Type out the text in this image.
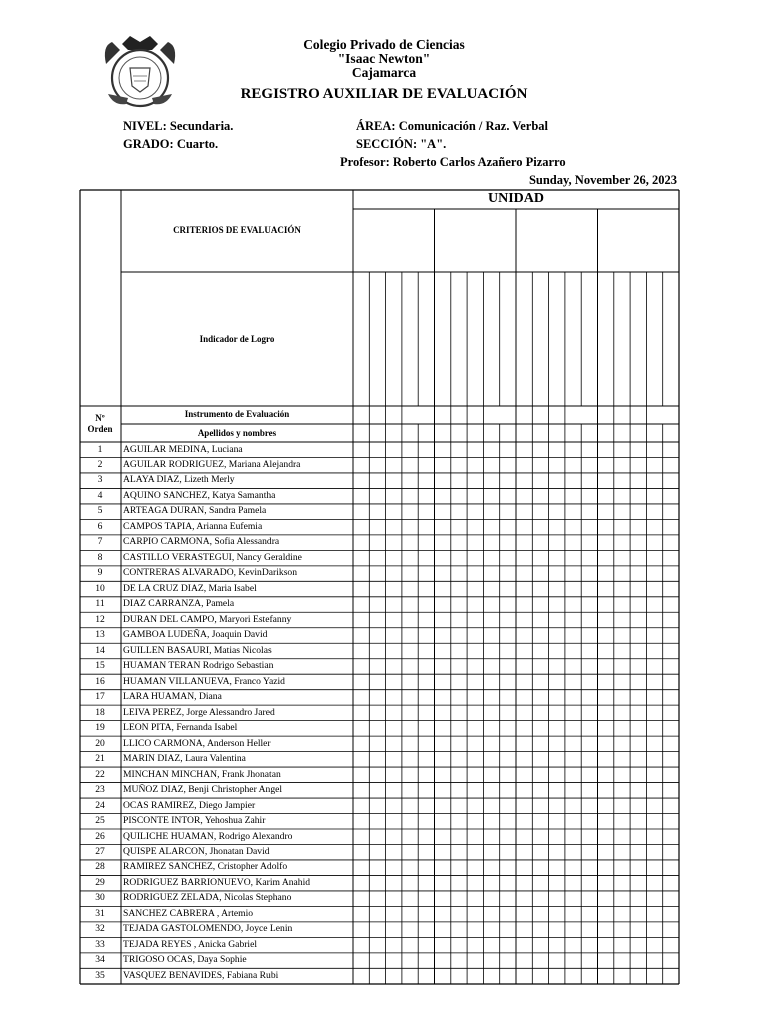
Colegio Privado de Ciencias
"Isaac Newton"
Cajamarca
REGISTRO AUXILIAR DE EVALUACIÓN
NIVEL: Secundaria.
GRADO: Cuarto.
ÁREA: Comunicación / Raz. Verbal
SECCIÓN: "A".
Profesor: Roberto Carlos Azañero Pizarro
Sunday, November 26, 2023
UNIDAD
CRITERIOS DE EVALUACIÓN
Indicador de Logro
Nº
Orden
Instrumento de Evaluación
Apellidos y nombres
1	AGUILAR MEDINA, Luciana
2	AGUILAR RODRIGUEZ, Mariana Alejandra
3	ALAYA DIAZ, Lizeth Merly
4	AQUINO SANCHEZ, Katya Samantha
5	ARTEAGA DURAN, Sandra Pamela
6	CAMPOS TAPIA, Arianna Eufemia
7	CARPIO CARMONA, Sofia Alessandra
8	CASTILLO VERASTEGUI, Nancy Geraldine
9	CONTRERAS ALVARADO, KevinDarikson
10	DE LA CRUZ DIAZ, Maria Isabel
11	DIAZ CARRANZA, Pamela
12	DURAN DEL CAMPO, Maryori Estefanny
13	GAMBOA LUDEÑA, Joaquin David
14	GUILLEN BASAURI, Matias Nicolas
15	HUAMAN TERAN Rodrigo Sebastian
16	HUAMAN VILLANUEVA, Franco Yazid
17	LARA HUAMAN, Diana
18	LEIVA PEREZ, Jorge Alessandro Jared
19	LEON PITA, Fernanda Isabel
20	LLICO CARMONA, Anderson Heller
21	MARIN DIAZ, Laura Valentina
22	MINCHAN MINCHAN, Frank Jhonatan
23	MUÑOZ DIAZ, Benji Christopher Angel
24	OCAS RAMIREZ, Diego Jampier
25	PISCONTE INTOR, Yehoshua Zahir
26	QUILICHE HUAMAN, Rodrigo Alexandro
27	QUISPE ALARCON, Jhonatan David
28	RAMIREZ SANCHEZ, Cristopher Adolfo
29	RODRIGUEZ BARRIONUEVO, Karim Anahid
30	RODRIGUEZ ZELADA, Nicolas Stephano
31	SANCHEZ CABRERA , Artemio
32	TEJADA GASTOLOMENDO, Joyce Lenin
33	TEJADA REYES , Anicka Gabriel
34	TRIGOSO OCAS, Daya Sophie
35	VASQUEZ BENAVIDES, Fabiana Rubi
